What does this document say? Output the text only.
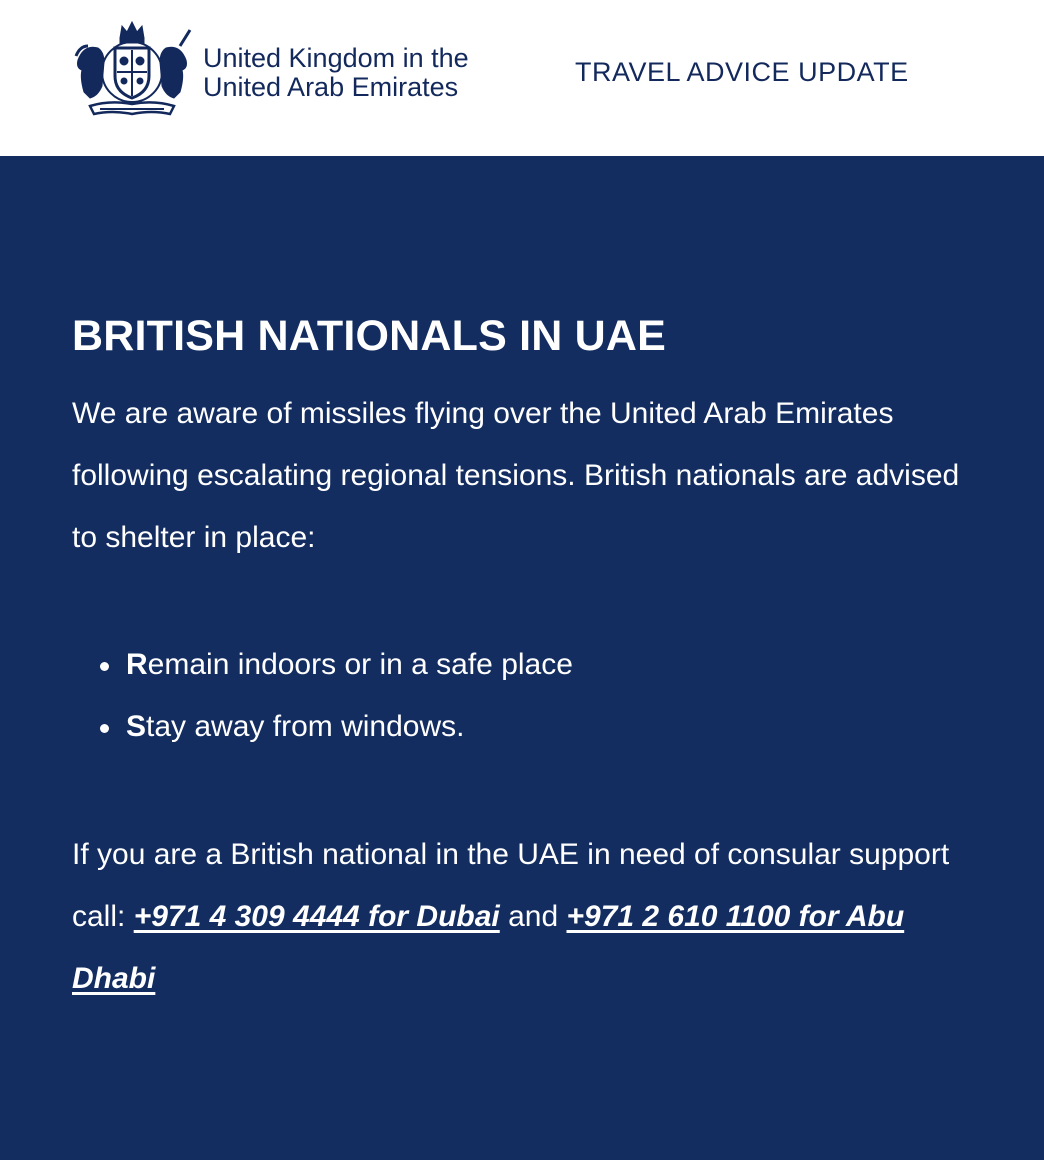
United Kingdom in the
United Arab Emirates	TRAVEL ADVICE UPDATE
BRITISH NATIONALS IN UAE

We are aware of missiles flying over the United Arab Emirates following escalating regional tensions. British nationals are advised to shelter in place:

Remain indoors or in a safe place
Stay away from windows.

If you are a British national in the UAE in need of consular support call: +971 4 309 4444 for Dubai and +971 2 610 1100 for Abu Dhabi
